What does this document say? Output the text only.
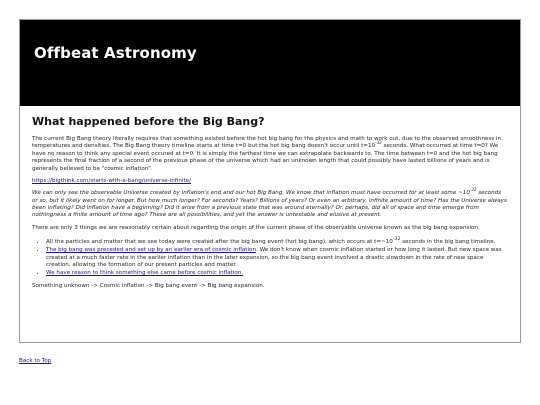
Offbeat Astronomy
What happened before the Big Bang?

The current Big Bang theory literally requires that something existed before the hot big bang for the physics and math to work out, due to the observed smoothness in temperatures and densities. The Big Bang theory timeline starts at time t=0 but the hot big bang doesn't occur until $t=10^{-32}$ seconds. What occurred at time t=0? We have no reason to think any special event occured at t=0. It is simply the farthest time we can extrapolate backwards to. The time between t=0 and the hot big bang represents the final fraction of a second of the previous phase of the universe which had an unknown length that could possibly have lasted billions of years and is generally believed to be "cosmic inflation".

https://bigthink.com/starts-with-a-bang/universe-infinite/

We can only see the observable Universe created by inflation's end and our hot Big Bang. We know that inflation must have occurred for at least some $\sim 10^{-32}$ seconds or so, but it likely went on for longer. But how much longer? For seconds? Years? Billions of years? Or even an arbitrary, infinite amount of time? Has the Universe always been inflating? Did inflation have a beginning? Did it arise from a previous state that was around eternally? Or, perhaps, did all of space and time emerge from nothingness a finite amount of time ago? These are all possibilities, and yet the answer is untestable and elusive at present.

There are only 3 things we are reasonably certain about regarding the origin of the current phase of the observable universe known as the big bang expansion.

• All the particles and matter that we see today were created after the big bang event (hot big bang), which occurs at $t=\sim 10^{-32}$ seconds in the big bang timeline.
• The big bang was preceded and set up by an earlier era of cosmic inflation. We don't know when cosmic inflation started or how long it lasted. But new space was created at a much faster rate in the earlier inflation than in the later expansion, so the big bang event involved a drastic slowdown in the rate of new space creation, allowing the formation of our present particles and matter.
• We have reason to think something else came before cosmic inflation.

Something unknown -> Cosmic inflation -> Big bang event -> Big bang expansion.

Back to Top
